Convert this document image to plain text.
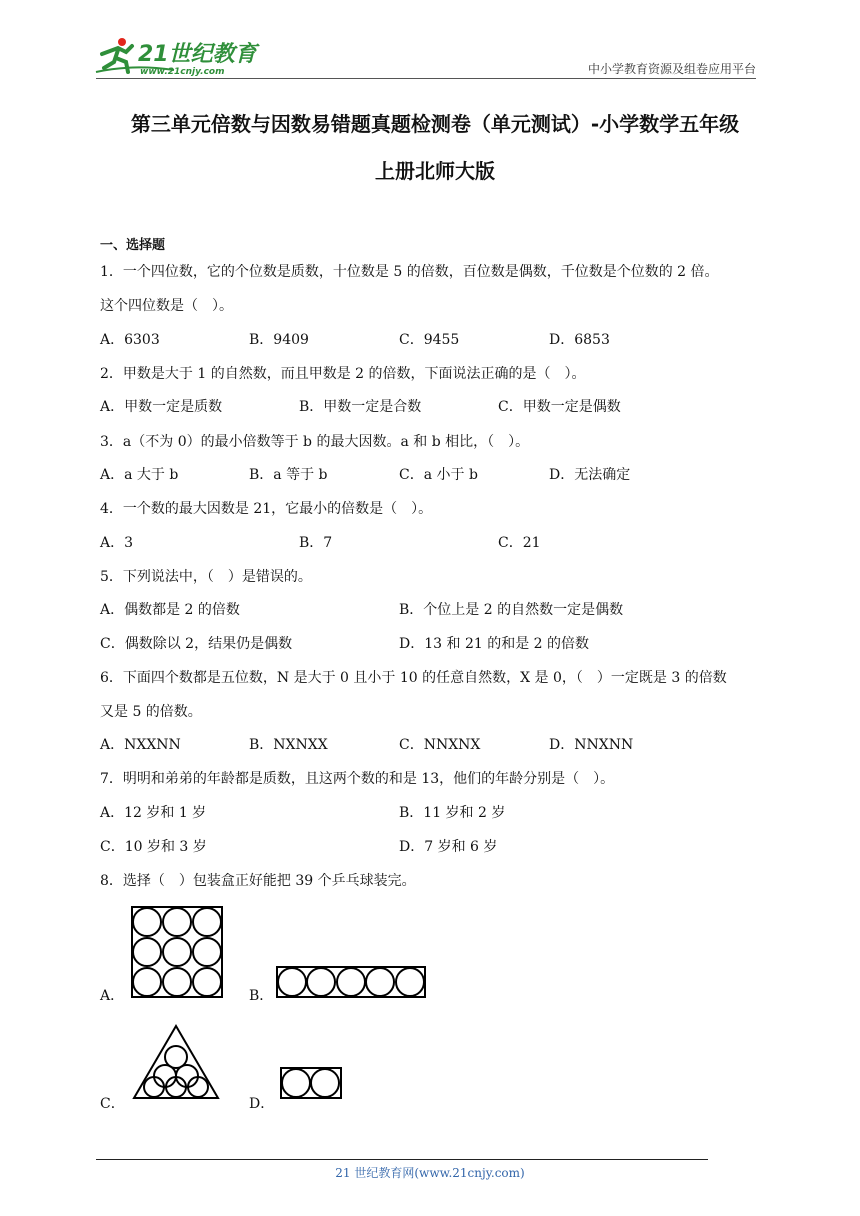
21世纪教育
www.21cnjy.com	中小学教育资源及组卷应用平台
第三单元倍数与因数易错题真题检测卷（单元测试）-小学数学五年级
上册北师大版
一、选择题
1．一个四位数，它的个位数是质数，十位数是 5 的倍数，百位数是偶数，千位数是个位数的 2 倍。
这个四位数是（　）。
A．6303	B．9409	C．9455	D．6853
2．甲数是大于 1 的自然数，而且甲数是 2 的倍数，下面说法正确的是（　）。
A．甲数一定是质数	B．甲数一定是合数	C．甲数一定是偶数
3．a（不为 0）的最小倍数等于 b 的最大因数。a 和 b 相比，（　）。
A．a 大于 b	B．a 等于 b	C．a 小于 b	D．无法确定
4．一个数的最大因数是 21，它最小的倍数是（　）。
A．3	B．7	C．21
5．下列说法中，（　）是错误的。
A．偶数都是 2 的倍数	B．个位上是 2 的自然数一定是偶数
C．偶数除以 2，结果仍是偶数	D．13 和 21 的和是 2 的倍数
6．下面四个数都是五位数，N 是大于 0 且小于 10 的任意自然数，X 是 0，（　）一定既是 3 的倍数
又是 5 的倍数。
A．NXXNN	B．NXNXX	C．NNXNX	D．NNXNN
7．明明和弟弟的年龄都是质数，且这两个数的和是 13，他们的年龄分别是（　）。
A．12 岁和 1 岁	B．11 岁和 2 岁
C．10 岁和 3 岁	D．7 岁和 6 岁
8．选择（　）包装盒正好能把 39 个乒乓球装完。
A．	B．
C．	D．
21 世纪教育网(www.21cnjy.com)
